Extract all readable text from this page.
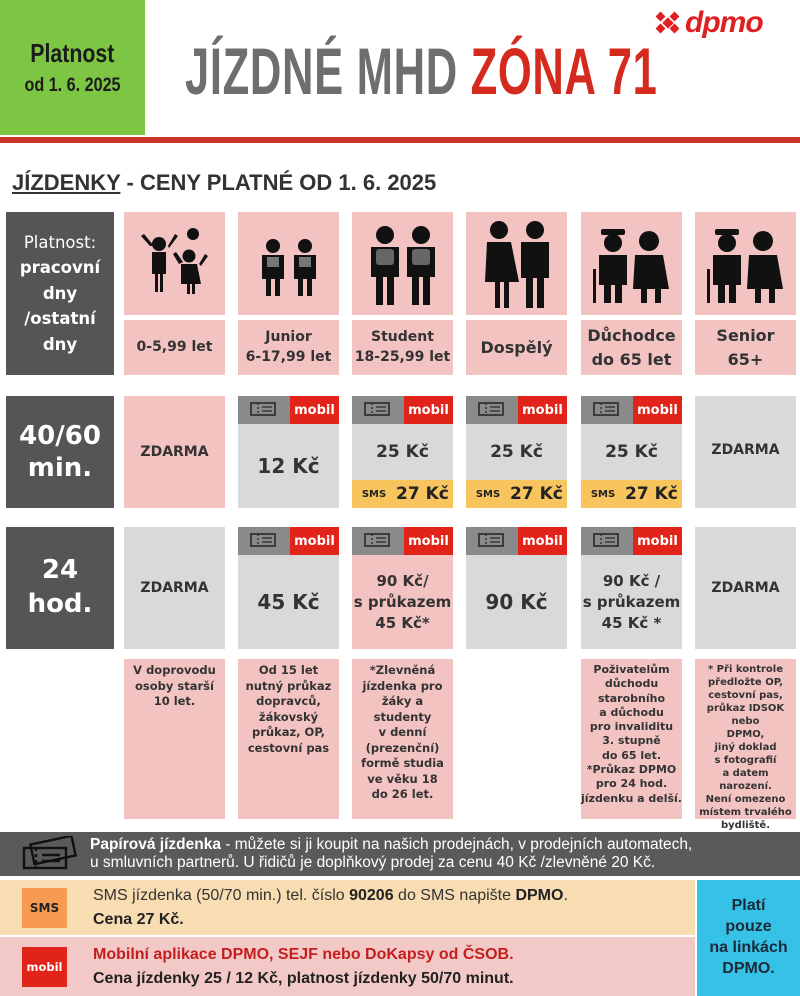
Platnost
od 1. 6. 2025 JÍZDNÉ MHD ZÓNA 71
dpmo
JÍZDENKY - CENY PLATNÉ OD 1. 6. 2025
Platnost:
pracovní
dny
/ostatní
dny
40/60
min.
24
hod.
0-5,99 let
Junior
6-17,99 let
Student
18-25,99 let Dospělý
Důchodce
do 65 let
Senior
65+
ZDARMA
mobil
12 Kč
mobil
25 Kč
SMS 27 Kč
mobil
25 Kč
SMS 27 Kč
mobil
25 Kč
SMS 27 Kč
ZDARMA
ZDARMA
mobil
45 Kč
mobil
90 Kč/
s průkazem
45 Kč*
mobil
90 Kč
mobil
90 Kč /
s průkazem
45 Kč *
ZDARMA
V doprovodu
osoby starší
10 let.
Od 15 let
nutný průkaz
dopravců,
žákovský
průkaz, OP,
cestovní pas
*Zlevněná
jízdenka pro
žáky a studenty
v denní
(prezenční)
formě studia
ve věku 18
do 26 let.
Poživatelům
důchodu
starobního
a důchodu
pro invaliditu
3. stupně
do 65 let.
*Průkaz DPMO
pro 24 hod.
jízdenku a delší.
* Při kontrole
předložte OP,
cestovní pas,
průkaz IDSOK nebo
DPMO,
jiný doklad
s fotografií
a datem narození.
Není omezeno
místem trvalého
bydliště.
Papírová jízdenka - můžete si ji koupit na našich prodejnách, v prodejních automatech,
u smluvních partnerů. U řidičů je doplňkový prodej za cenu 40 Kč /zlevněné 20 Kč.
SMS
SMS jízdenka (50/70 min.) tel. číslo 90206 do SMS napište DPMO.
Cena 27 Kč.
mobil
Mobilní aplikace DPMO, SEJF nebo DoKapsy od ČSOB.
Cena jízdenky 25 / 12 Kč, platnost jízdenky 50/70 minut.
Platí
pouze
na linkách
DPMO.
